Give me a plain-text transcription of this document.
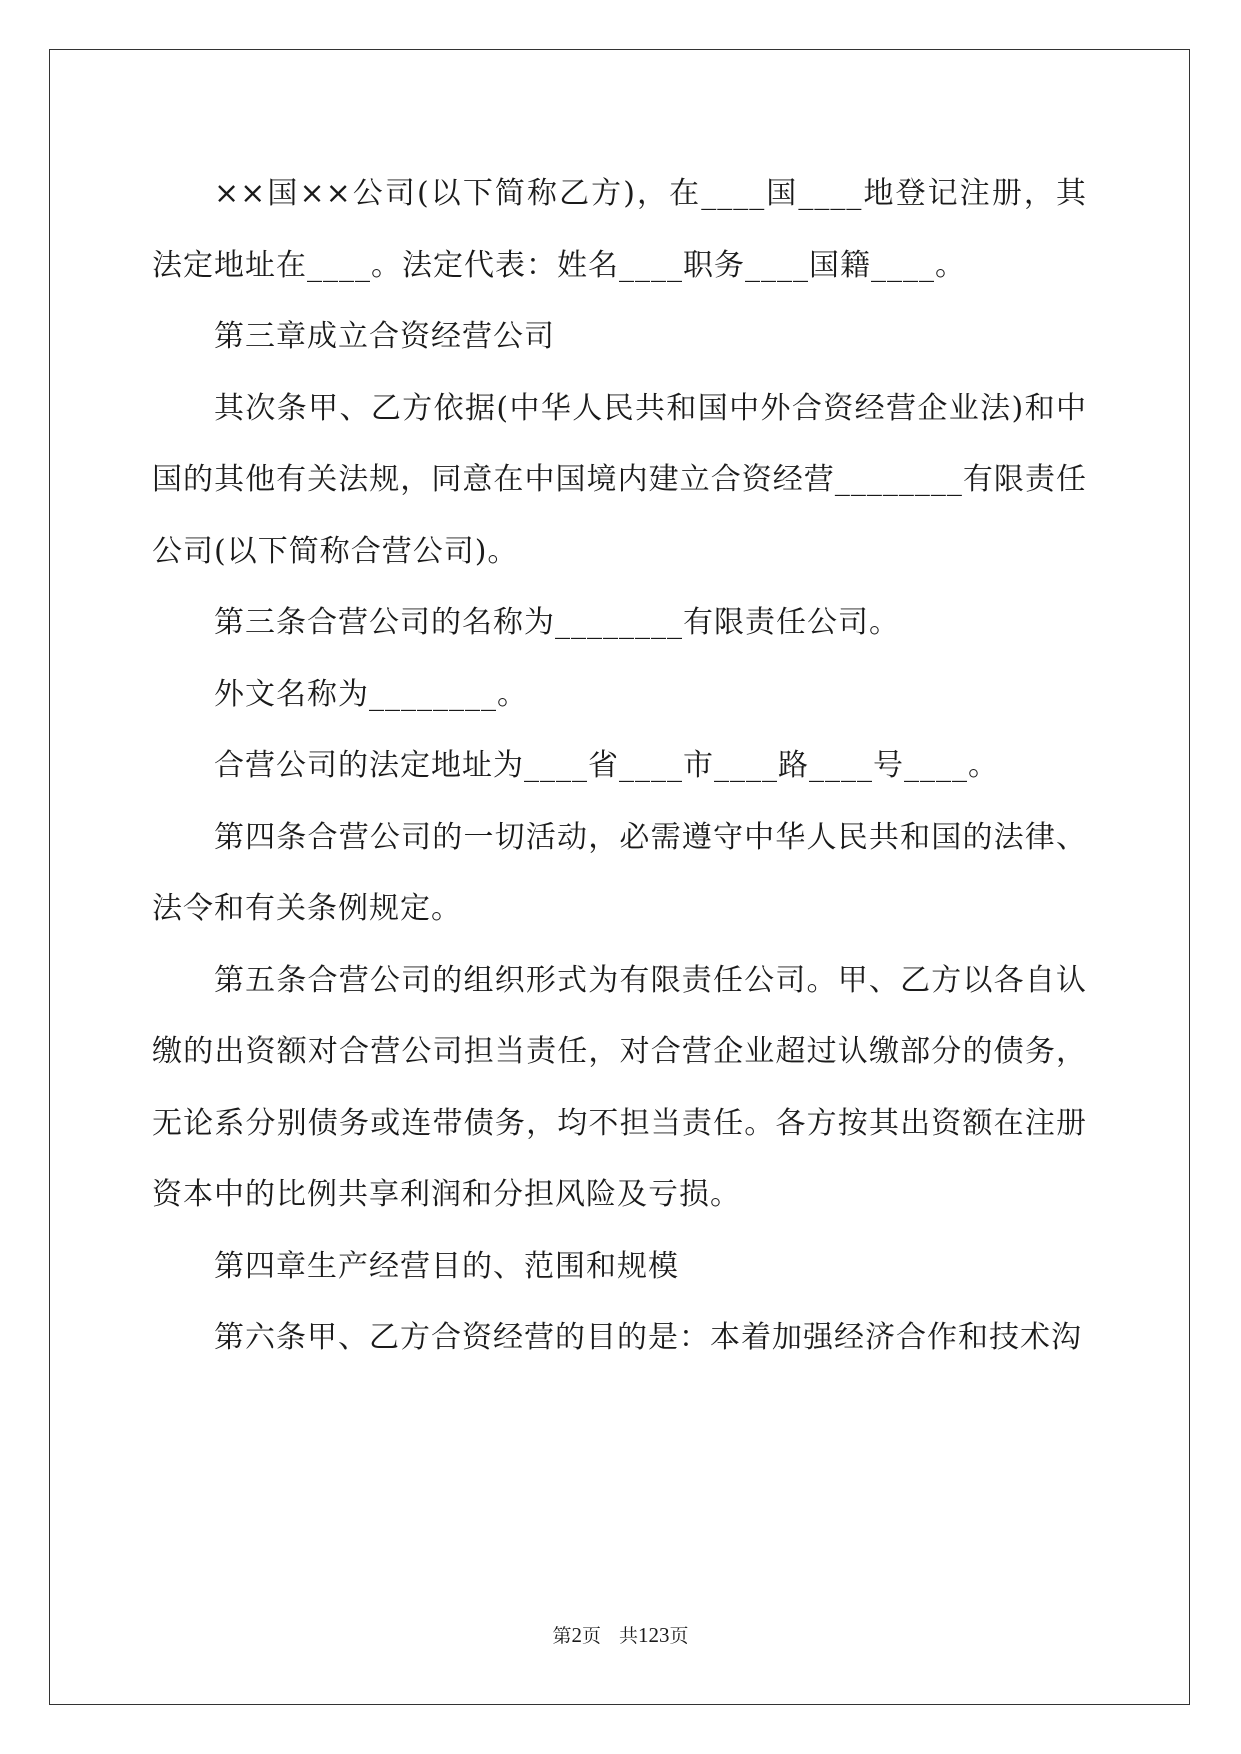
××国××公司(以下简称乙方)，在____国____地登记注册，其法定地址在____。法定代表：姓名____职务____国籍____。

第三章成立合资经营公司

其次条甲、乙方依据(中华人民共和国中外合资经营企业法)和中国的其他有关法规，同意在中国境内建立合资经营________有限责任公司(以下简称合营公司)。

第三条合营公司的名称为________有限责任公司。

外文名称为________。

合营公司的法定地址为____省____市____路____号____。

第四条合营公司的一切活动，必需遵守中华人民共和国的法律、法令和有关条例规定。

第五条合营公司的组织形式为有限责任公司。甲、乙方以各自认缴的出资额对合营公司担当责任，对合营企业超过认缴部分的债务，无论系分别债务或连带债务，均不担当责任。各方按其出资额在注册资本中的比例共享利润和分担风险及亏损。

第四章生产经营目的、范围和规模

第六条甲、乙方合资经营的目的是：本着加强经济合作和技术沟

第2页 共123页
